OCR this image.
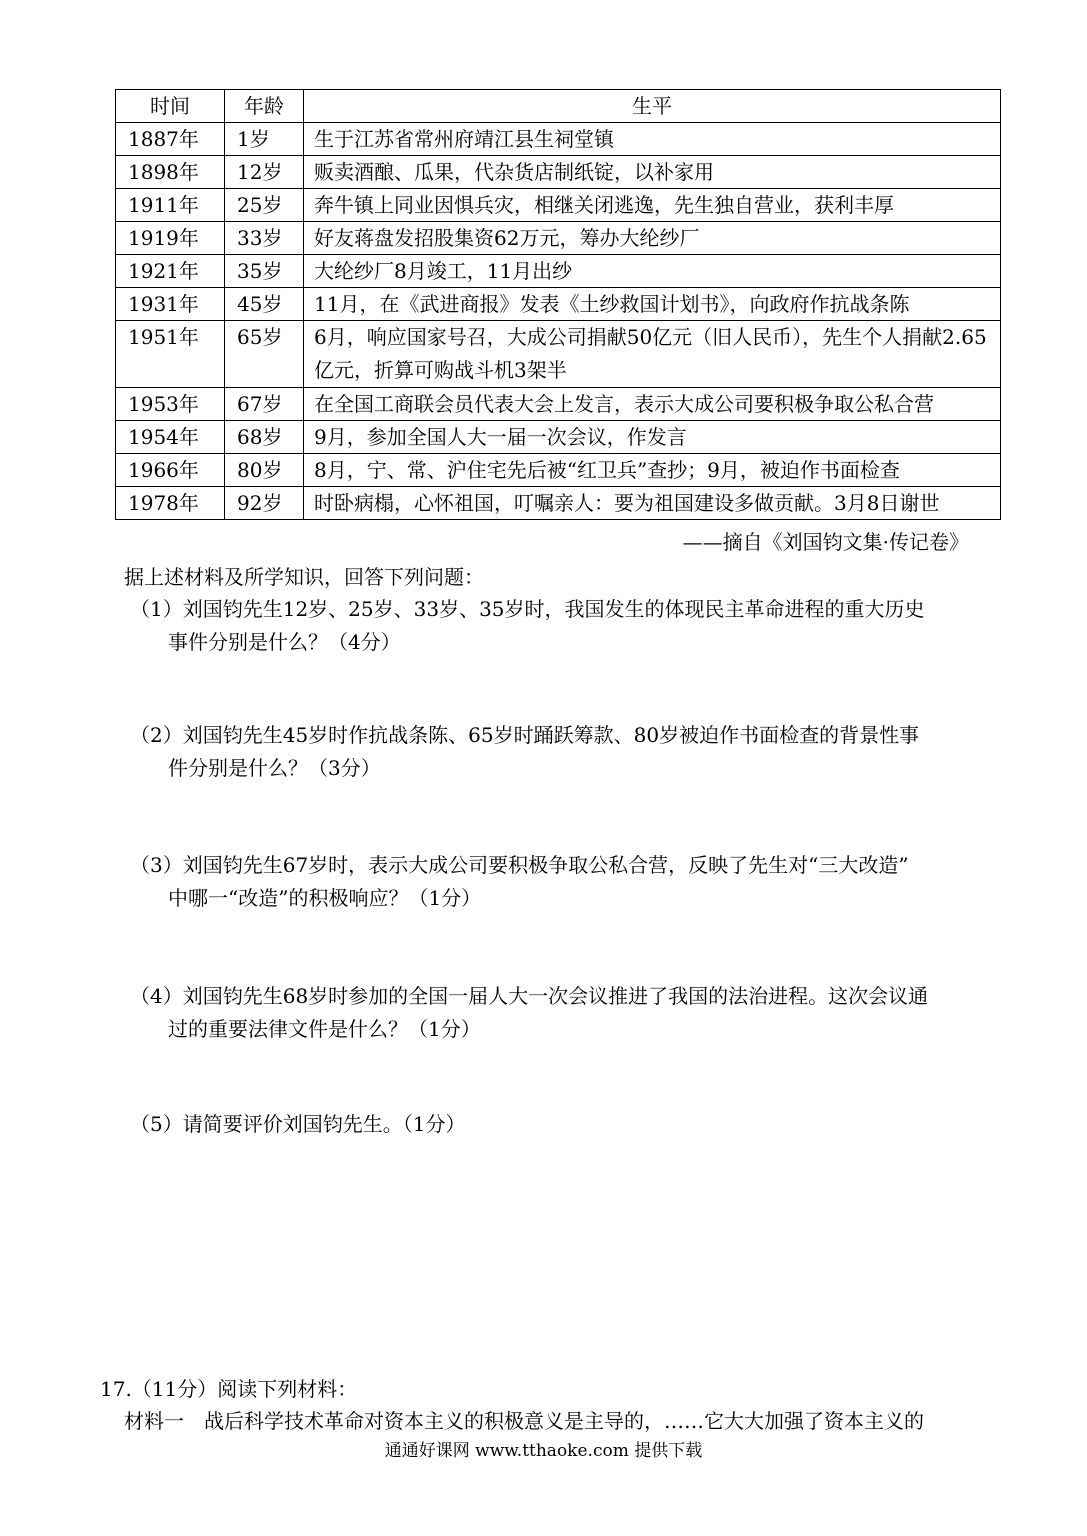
时间	年龄	生平
1887年	1岁	生于江苏省常州府靖江县生祠堂镇
1898年	12岁	贩卖酒酿、瓜果，代杂货店制纸锭，以补家用
1911年	25岁	奔牛镇上同业因惧兵灾，相继关闭逃逸，先生独自营业，获利丰厚
1919年	33岁	好友蒋盘发招股集资62万元，筹办大纶纱厂
1921年	35岁	大纶纱厂8月竣工，11月出纱
1931年	45岁	11月，在《武进商报》发表《土纱救国计划书》，向政府作抗战条陈
1951年	65岁	6月，响应国家号召，大成公司捐献50亿元（旧人民币），先生个人捐献2.65亿元，折算可购战斗机3架半
1953年	67岁	在全国工商联会员代表大会上发言，表示大成公司要积极争取公私合营
1954年	68岁	9月，参加全国人大一届一次会议，作发言
1966年	80岁	8月，宁、常、沪住宅先后被“红卫兵”查抄；9月，被迫作书面检查
1978年	92岁	时卧病榻，心怀祖国，叮嘱亲人：要为祖国建设多做贡献。3月8日谢世
——摘自《刘国钧文集·传记卷》
据上述材料及所学知识，回答下列问题：
（1）刘国钧先生12岁、25岁、33岁、35岁时，我国发生的体现民主革命进程的重大历史
事件分别是什么？（4分）
（2）刘国钧先生45岁时作抗战条陈、65岁时踊跃筹款、80岁被迫作书面检查的背景性事
件分别是什么？（3分）
（3）刘国钧先生67岁时，表示大成公司要积极争取公私合营，反映了先生对“三大改造”
中哪一“改造”的积极响应？（1分）
（4）刘国钧先生68岁时参加的全国一届人大一次会议推进了我国的法治进程。这次会议通
过的重要法律文件是什么？（1分）
（5）请简要评价刘国钧先生。（1分）
17.（11分）阅读下列材料：
材料一　战后科学技术革命对资本主义的积极意义是主导的，……它大大加强了资本主义的
通通好课网 www.tthaoke.com 提供下载
